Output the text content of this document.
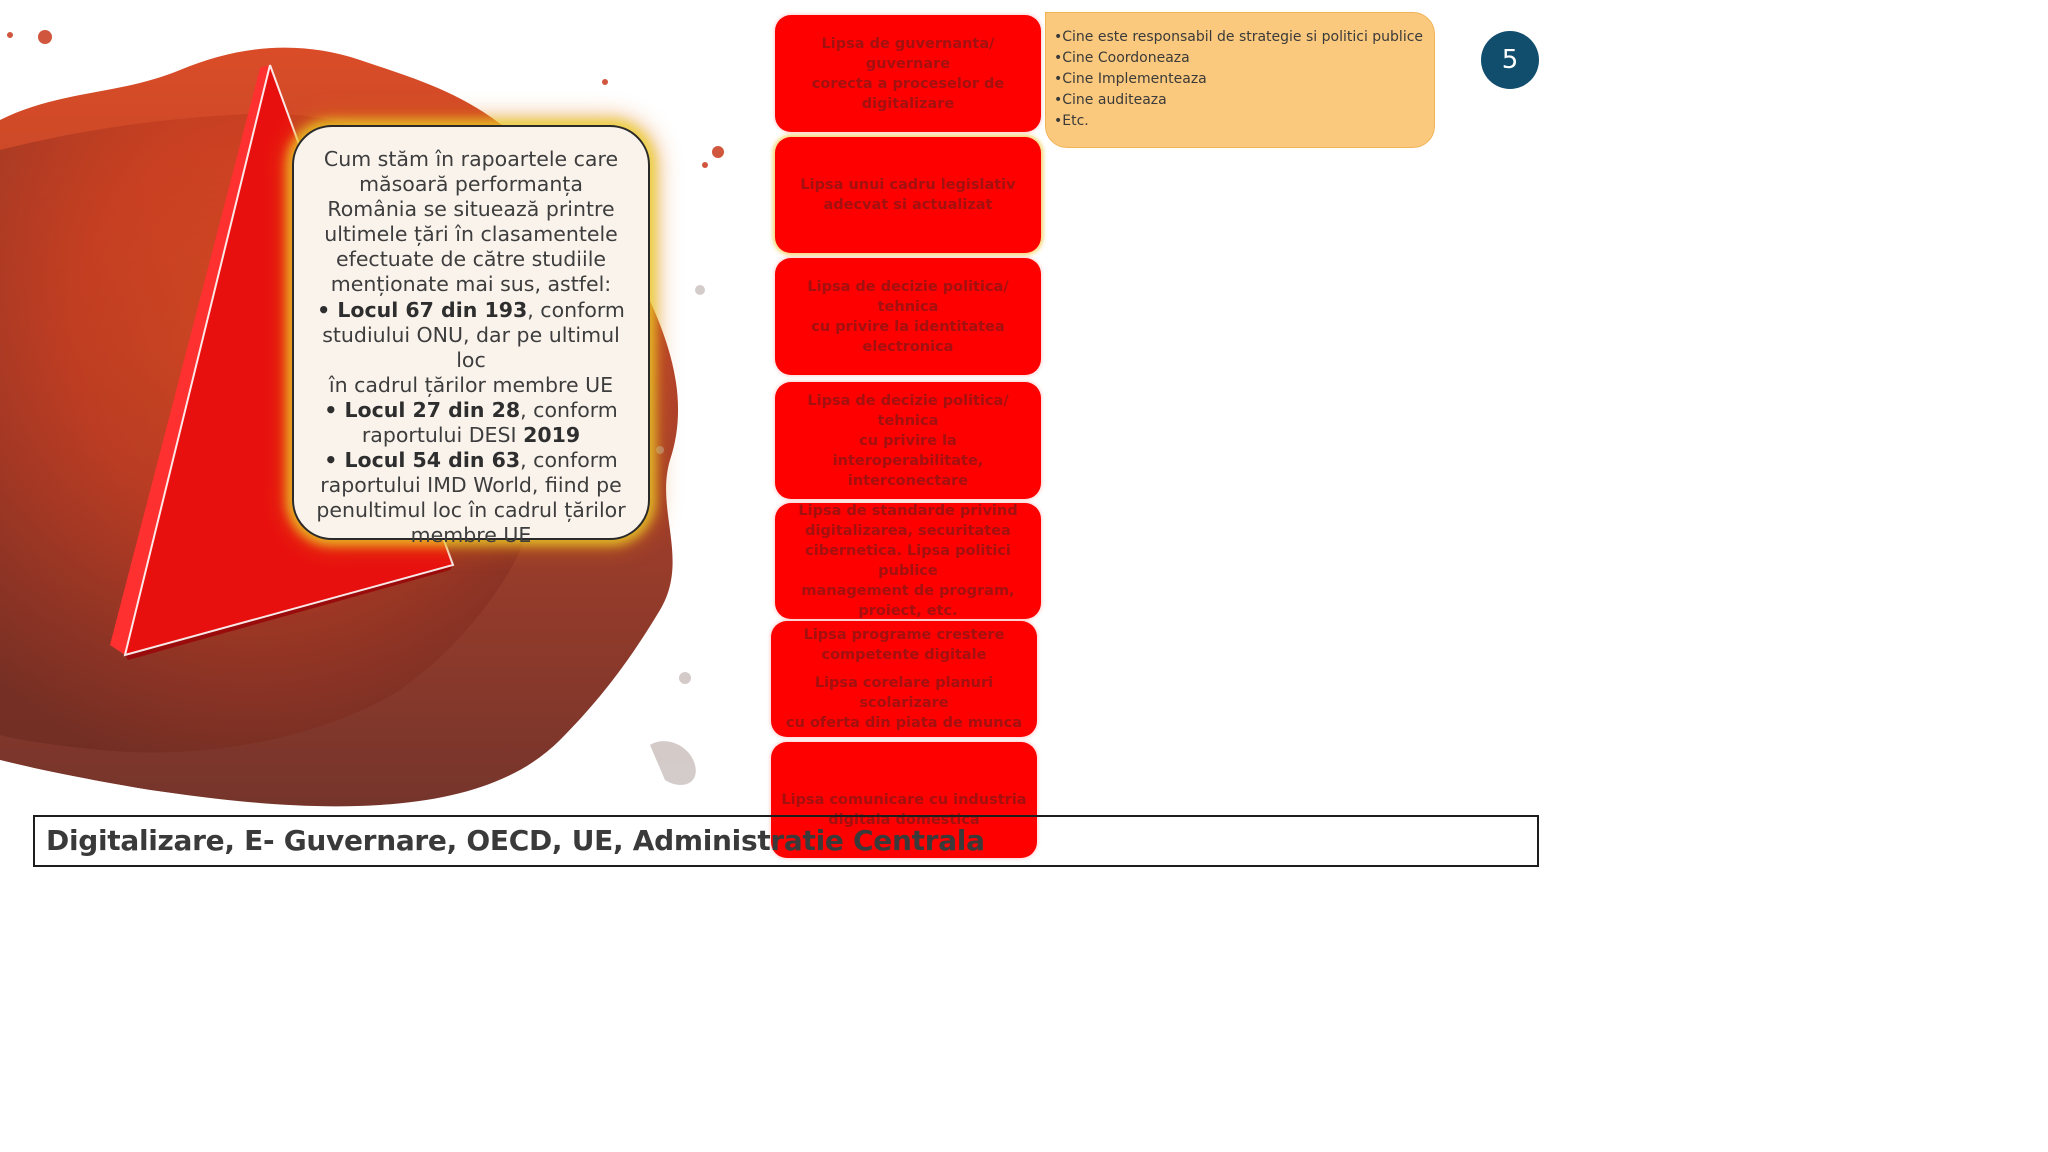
Cum stăm în rapoartele care

măsoară performanța

România se situează printre

ultimele țări în clasamentele

efectuate de către studiile

menționate mai sus, astfel:

• Locul 67 din 193, conform

studiului ONU, dar pe ultimul loc

în cadrul țărilor membre UE

• Locul 27 din 28, conform

raportului DESI 2019

• Locul 54 din 63, conform

raportului IMD World, fiind pe

penultimul loc în cadrul țărilor

membre UE

Lipsa de guvernanta/ guvernare
corecta a proceselor de
digitalizare
Lipsa unui cadru legislativ
adecvat si actualizat
Lipsa de decizie politica/ tehnica
cu privire la identitatea
electronica
Lipsa de decizie politica/ tehnica
cu privire la interoperabilitate,
interconectare
Lipsa de standarde privind
digitalizarea, securitatea
cibernetica. Lipsa politici publice
management de program,
proiect, etc.
Lipsa programe crestere
competente digitale
Lipsa corelare planuri scolarizare
cu oferta din piata de munca
Lipsa comunicare cu industria
digitala domestica
•Cine este responsabil de strategie si politici publice
•Cine Coordoneaza
•Cine Implementeaza
•Cine auditeaza
•Etc.
5
Digitalizare, E- Guvernare, OECD, UE, Administratie Centrala
